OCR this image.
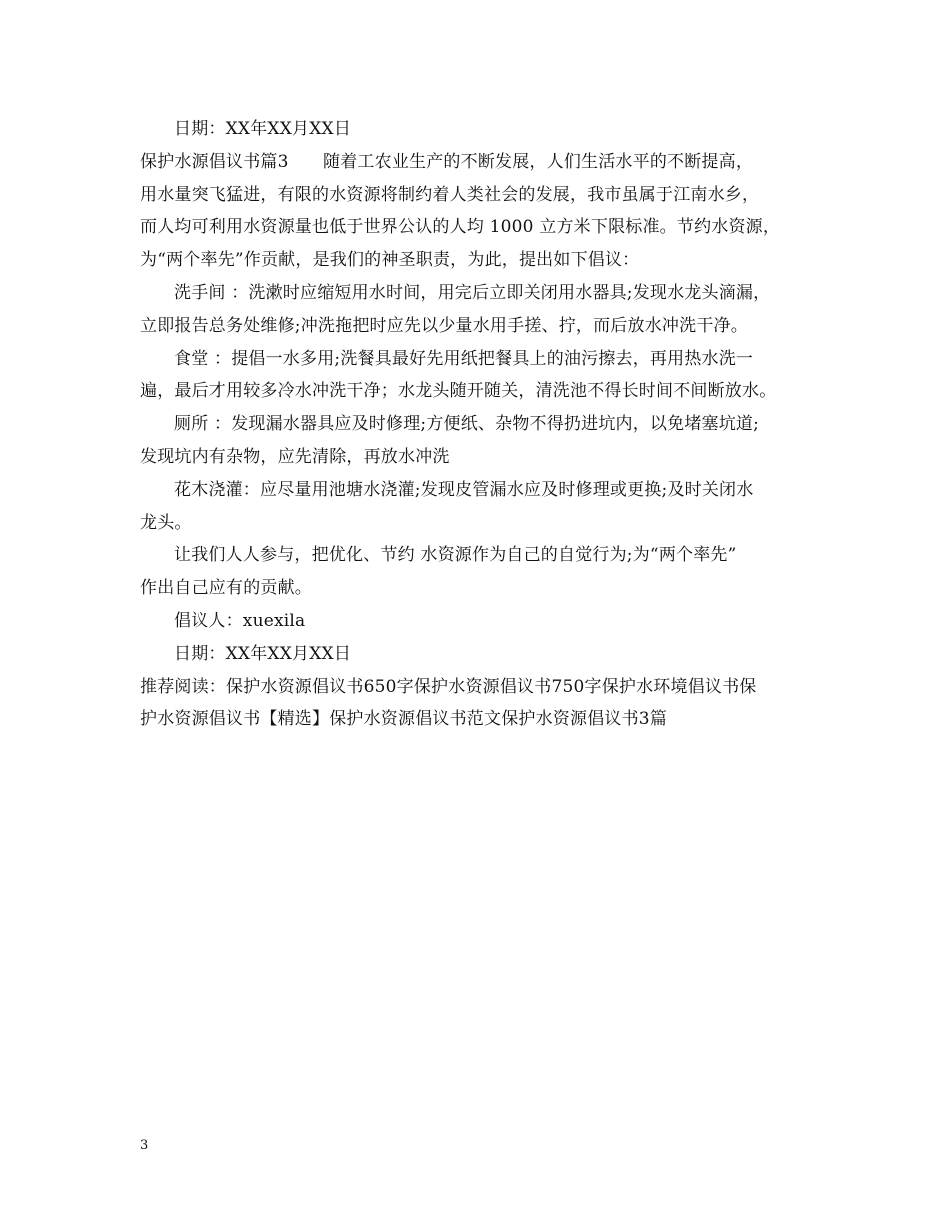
日期：XX年XX月XX日
保护水源倡议书篇3　　随着工农业生产的不断发展，人们生活水平的不断提高，
用水量突飞猛进，有限的水资源将制约着人类社会的发展，我市虽属于江南水乡，
而人均可利用水资源量也低于世界公认的人均 1000 立方米下限标准。节约水资源，
为“两个率先”作贡献，是我们的神圣职责，为此，提出如下倡议：
洗手间 ：洗漱时应缩短用水时间，用完后立即关闭用水器具;发现水龙头滴漏，
立即报告总务处维修;冲洗拖把时应先以少量水用手搓、拧，而后放水冲洗干净。
食堂 ：提倡一水多用;洗餐具最好先用纸把餐具上的油污擦去，再用热水洗一
遍，最后才用较多冷水冲洗干净；水龙头随开随关，清洗池不得长时间不间断放水。
厕所 ：发现漏水器具应及时修理;方便纸、杂物不得扔进坑内，以免堵塞坑道;
发现坑内有杂物，应先清除，再放水冲洗
花木浇灌：应尽量用池塘水浇灌;发现皮管漏水应及时修理或更换;及时关闭水
龙头。
让我们人人参与，把优化、节约 水资源作为自己的自觉行为;为“两个率先”
作出自己应有的贡献。
倡议人：xuexila
日期：XX年XX月XX日
推荐阅读：保护水资源倡议书650字保护水资源倡议书750字保护水环境倡议书保
护水资源倡议书【精选】保护水资源倡议书范文保护水资源倡议书3篇
3
